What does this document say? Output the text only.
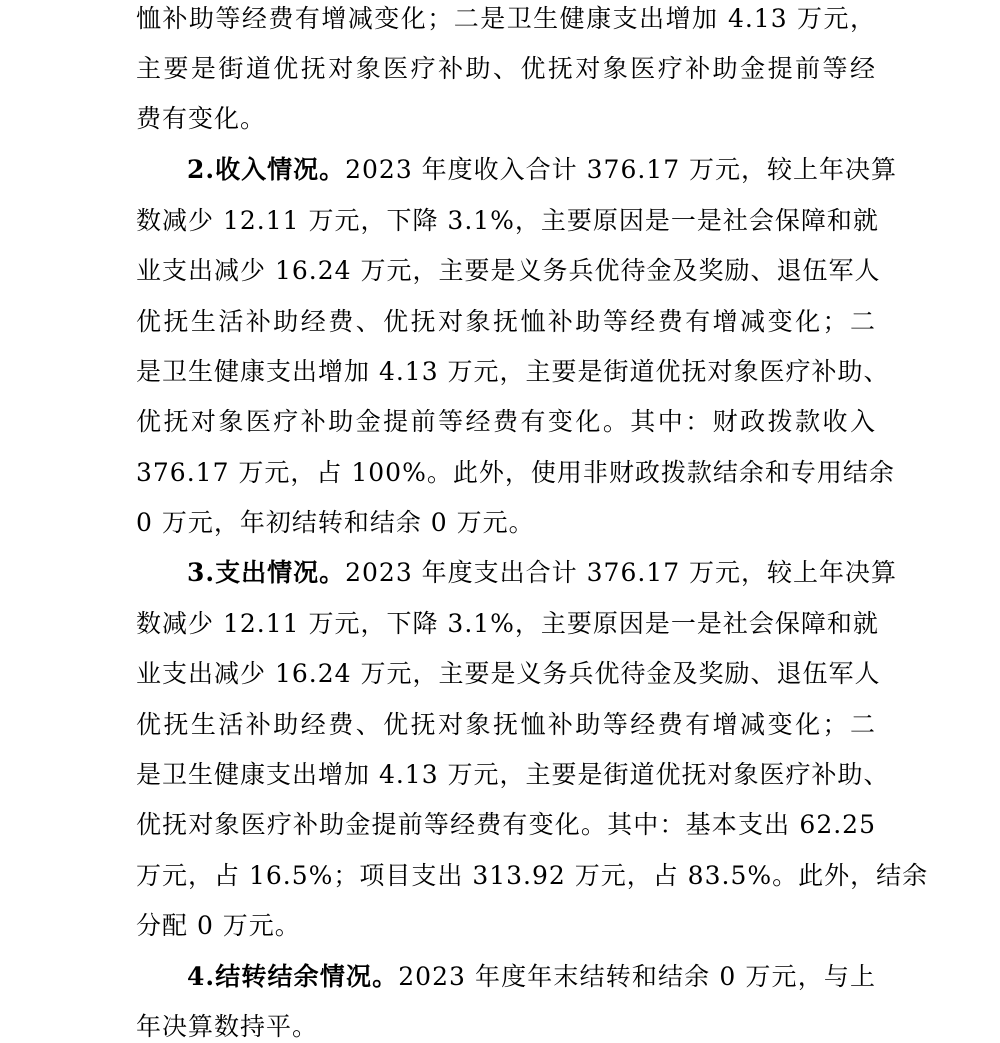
恤补助等经费有增减变化；二是卫生健康支出增加 4.13 万元，
主要是街道优抚对象医疗补助、优抚对象医疗补助金提前等经
费有变化。
2.收入情况。2023 年度收入合计 376.17 万元，较上年决算
数减少 12.11 万元，下降 3.1%，主要原因是一是社会保障和就
业支出减少 16.24 万元，主要是义务兵优待金及奖励、退伍军人
优抚生活补助经费、优抚对象抚恤补助等经费有增减变化；二
是卫生健康支出增加 4.13 万元，主要是街道优抚对象医疗补助、
优抚对象医疗补助金提前等经费有变化。其中：财政拨款收入
376.17 万元，占 100%。此外，使用非财政拨款结余和专用结余
0 万元，年初结转和结余 0 万元。
3.支出情况。2023 年度支出合计 376.17 万元，较上年决算
数减少 12.11 万元，下降 3.1%，主要原因是一是社会保障和就
业支出减少 16.24 万元，主要是义务兵优待金及奖励、退伍军人
优抚生活补助经费、优抚对象抚恤补助等经费有增减变化；二
是卫生健康支出增加 4.13 万元，主要是街道优抚对象医疗补助、
优抚对象医疗补助金提前等经费有变化。其中：基本支出 62.25
万元，占 16.5%；项目支出 313.92 万元，占 83.5%。此外，结余
分配 0 万元。
4.结转结余情况。2023 年度年末结转和结余 0 万元，与上
年决算数持平。
